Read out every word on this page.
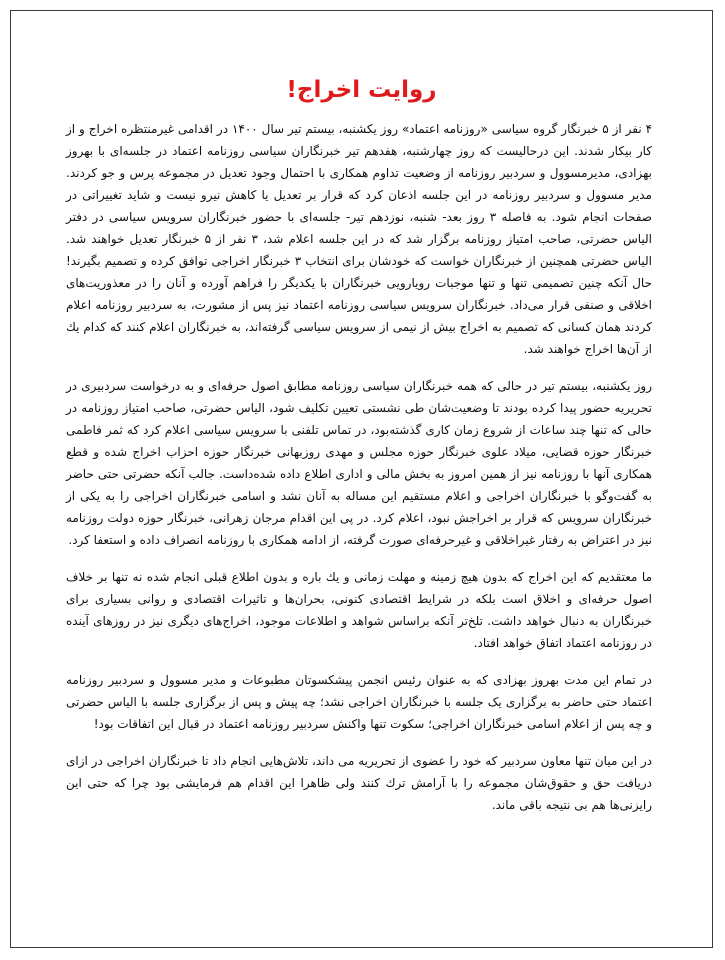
روایت اخراج!

۴ نفر از ۵ خبرنگار گروه سیاسی «روزنامه اعتماد» روز یکشنبه، بیستم تیر سال ۱۴۰۰ در اقدامی غیرمنتظره اخراج و از کار بیکار شدند. این درحالیست که روز چهارشنبه، هفدهم تیر خبرنگاران سیاسی روزنامه اعتماد در جلسه‌ای با بهروز بهزادی، مدیرمسوول و سردبیر روزنامه از وضعیت تداوم همکاری با احتمال وجود تعدیل در مجموعه پرس و جو کردند. مدیر مسوول و سردبیر روزنامه در این جلسه اذعان کرد که قرار بر تعدیل یا کاهش نیرو نیست و شاید تغییراتی در صفحات انجام شود. به فاصله ۳ روز بعد- شنبه، نوزدهم تیر- جلسه‌ای با حضور خبرنگاران سرویس سیاسی در دفتر الیاس حضرتی، صاحب امتیاز روزنامه برگزار شد که در این جلسه اعلام شد، ۳ نفر از ۵ خبرنگار تعدیل خواهند شد. الیاس حضرتی همچنین از خبرنگاران خواست که خودشان برای انتخاب ۳ خبرنگار اخراجی توافق کرده و تصمیم بگیرند! حال آنکه چنین تصمیمی تنها و تنها موجبات رویارویی خبرنگاران با یکدیگر را فراهم آورده و آنان را در معذوریت‌های اخلاقی و صنفی قرار می‌داد. خبرنگاران سرویس سیاسی روزنامه اعتماد نیز پس از مشورت، به سردبیر روزنامه اعلام کردند همان کسانی که تصمیم به اخراج بیش از نیمی از سرویس سیاسی گرفته‌اند، به خبرنگاران اعلام کنند که کدام یك از آن‌ها اخراج خواهند شد.

روز یکشنبه، بیستم تیر در حالی که همه خبرنگاران سیاسی روزنامه مطابق اصول حرفه‌ای و به درخواست سردبیری در تحریریه حضور پیدا کرده بودند تا وضعیت‌شان طی نشستی تعیین تکلیف شود، الیاس حضرتی، صاحب امتیاز روزنامه در حالی که تنها چند ساعات از شروع زمان کاری گذشته‌بود، در تماس تلفنی با سرویس سیاسی اعلام کرد که ثمر فاطمی خبرنگار حوزه قضایی، میلاد علوی خبرنگار حوزه مجلس و مهدی روزبهانی خبرنگار حوزه احزاب اخراج شده و قطع همکاری آنها با روزنامه نیز از همین امروز به بخش مالی و اداری اطلاع داده شده‌داست. جالب آنکه حضرتی حتی حاضر به گفت‌وگو با خبرنگاران اخراجی و اعلام مستقیم این مساله به آنان نشد و اسامی خبرنگاران اخراجی را به یکی از خبرنگاران سرویس که قرار بر اخراجش نبود، اعلام کرد. در پی این اقدام مرجان زهرانی، خبرنگار حوزه دولت روزنامه نیز در اعتراض به رفتار غیراخلاقی و غیرحرفه‌ای صورت گرفته، از ادامه همکاری با روزنامه انصراف داده و استعفا کرد.

ما معتقدیم که این اخراج که بدون هیچ زمینه و مهلت زمانی و یك باره و بدون اطلاع قبلی انجام شده نه تنها بر خلاف اصول حرفه‌ای و اخلاق است بلکه در شرایط اقتصادی کنونی، بحران‌ها و تاثیرات اقتصادی و روانی بسیاری برای خبرنگاران به دنبال خواهد داشت. تلخ‌تر آنکه براساس شواهد و اطلاعات موجود، اخراج‌های دیگری نیز در روزهای آینده در روزنامه اعتماد اتفاق خواهد افتاد.

در تمام این مدت بهروز بهزادی که به عنوان رئیس انجمن پیشکسوتان مطبوعات و مدیر مسوول و سردبیر روزنامه اعتماد حتی حاضر به برگزاری یک جلسه با خبرنگاران اخراجی نشد؛ چه پیش و پس از برگزاری جلسه با الیاس حضرتی و چه پس از اعلام اسامی خبرنگاران اخراجی؛ سکوت تنها واکنش سردبیر روزنامه اعتماد در قبال این اتفاقات بود!

در این میان تنها معاون سردبیر که خود را عضوی از تحریریه می داند، تلاش‌هایی انجام داد تا خبرنگاران اخراجی در ازای دریافت حق و حقوق‌شان مجموعه را با آرامش ترك کنند ولی ظاهرا این اقدام هم فرمایشی بود چرا که حتی این رایزنی‌ها هم بی نتیجه باقی ماند.
